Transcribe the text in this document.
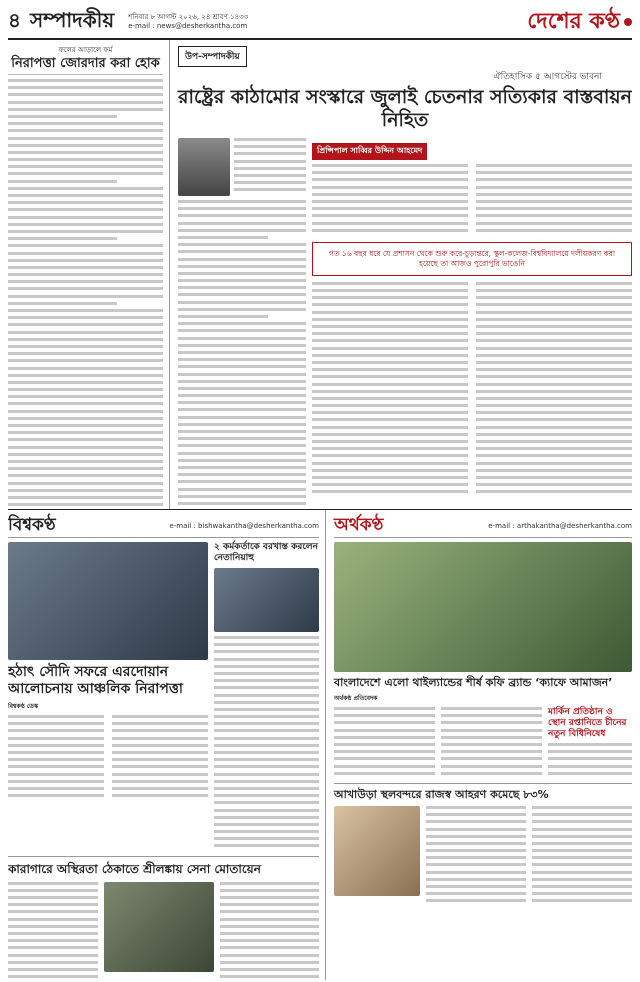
৪ সম্পাদকীয় শনিবার ৮ আগস্ট ২০২৬, ২৪ শ্রাবণ ১৪৩৩
e-mail : news@desherkantha.com	দেশের কণ্ঠ
ফলের আড়ালে ফর্ম
নিরাপত্তা জোরদার করা হোক	উপ-সম্পাদকীয়
ঐতিহাসিক ৫ আগস্টের ভাবনা
রাষ্ট্রের কাঠামোর সংস্কারে জুলাই চেতনার সত্যিকার বাস্তবায়ন নিহিত
প্রিন্সিপাল সাব্বির উদ্দিন আহমেদ
গত ১৬ বছর ধরে যে প্রশাসন থেকে শুরু করে-চুড়ান্তরে, স্কুল-কলেজ-বিশ্ববিদ্যালয়ে দলীয়করণ করা হয়েছে তা আজও পুরোপুরি ভাঙেনি
বিশ্বকণ্ঠ	e-mail : bishwakantha@desherkantha.com
হঠাৎ সৌদি সফরে এরদোয়ান আলোচনায় আঞ্চলিক নিরাপত্তা
বিশ্বকণ্ঠ ডেস্ক
২ কর্মকর্তাকে বরখাস্ত করলেন নেতানিয়াহু
কারাগারে অস্থিরতা ঠেকাতে শ্রীলঙ্কায় সেনা মোতায়েন
অর্থকণ্ঠ	e-mail : arthakantha@desherkantha.com
বাংলাদেশে এলো থাইল্যান্ডের শীর্ষ কফি ব্র্যান্ড ‘ক্যাফে আমাজন’
অর্থকণ্ঠ প্রতিবেদক
মার্কিন প্রতিষ্ঠান ও স্থোন রপ্তানিতে চীনের নতুন বিধিনিষেধ
আখাউড়া স্থলবন্দরে রাজস্ব আহরণ কমেছে ৮৩%
